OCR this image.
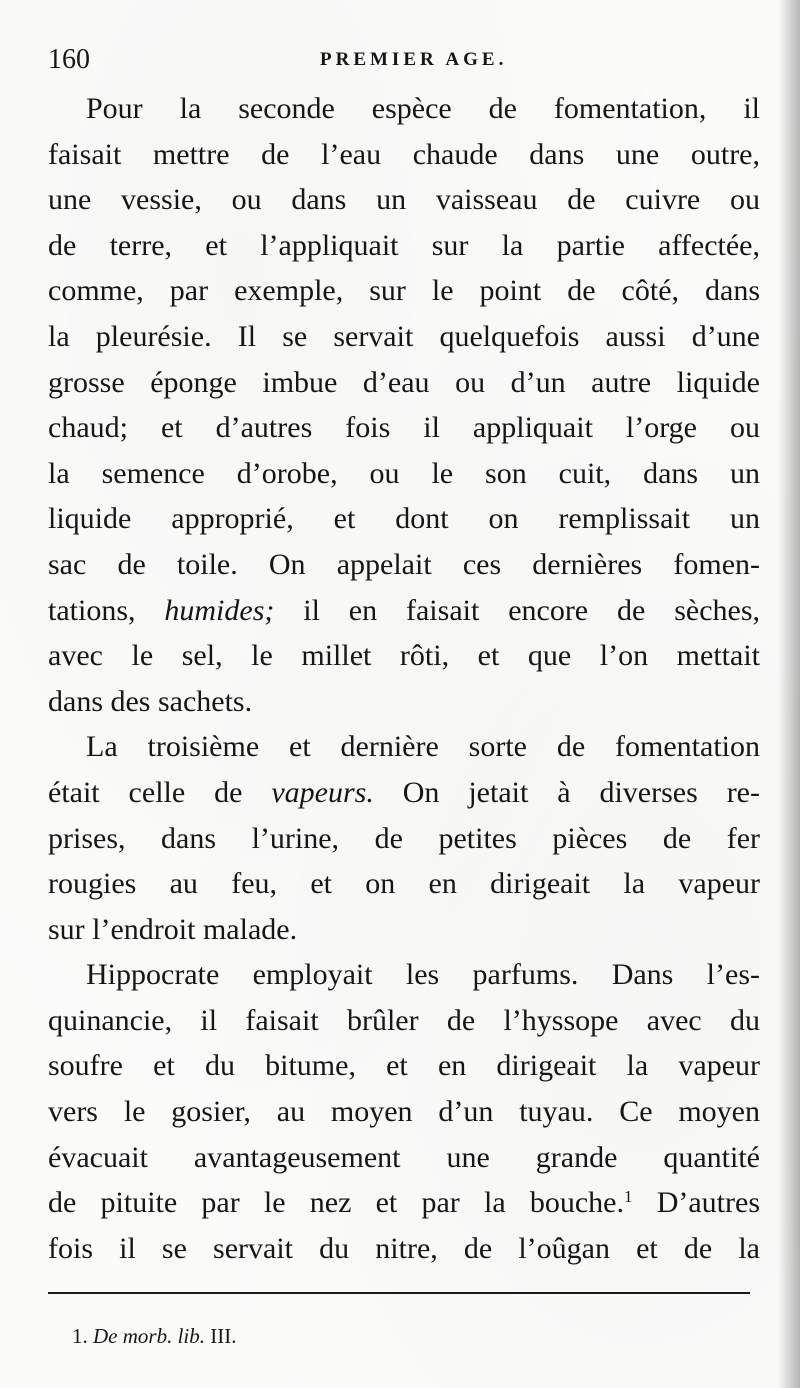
160	PREMIER AGE.
Pour la seconde espèce de fomentation, il
faisait mettre de l’eau chaude dans une outre,
une vessie, ou dans un vaisseau de cuivre ou
de terre, et l’appliquait sur la partie affectée,
comme, par exemple, sur le point de côté, dans
la pleurésie. Il se servait quelquefois aussi d’une
grosse éponge imbue d’eau ou d’un autre liquide
chaud; et d’autres fois il appliquait l’orge ou
la semence d’orobe, ou le son cuit, dans un
liquide approprié, et dont on remplissait un
sac de toile. On appelait ces dernières fomen-
tations, humides; il en faisait encore de sèches,
avec le sel, le millet rôti, et que l’on mettait
dans des sachets.
La troisième et dernière sorte de fomentation
était celle de vapeurs. On jetait à diverses re-
prises, dans l’urine, de petites pièces de fer
rougies au feu, et on en dirigeait la vapeur
sur l’endroit malade.
Hippocrate employait les parfums. Dans l’es-
quinancie, il faisait brûler de l’hyssope avec du
soufre et du bitume, et en dirigeait la vapeur
vers le gosier, au moyen d’un tuyau. Ce moyen
évacuait avantageusement une grande quantité
de pituite par le nez et par la bouche.$^1$ D’autres
fois il se servait du nitre, de l’oûgan et de la
1. De morb. lib. III.
